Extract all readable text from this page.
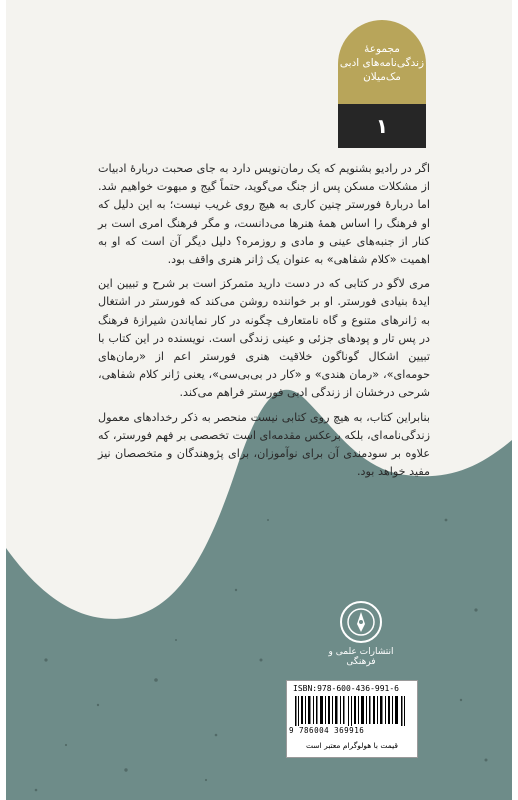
مجموعهٔ
زندگی‌نامه‌های ادبی
مک‌میلان
۱

اگر در رادیو بشنویم که یک رمان‌نویس دارد به جای صحبت دربارهٔ ادبیات از مشکلات مسکن پس از جنگ می‌گوید، حتماً گیج و مبهوت خواهیم شد. اما دربارهٔ فورستر چنین کاری به هیچ روی غریب نیست؛ به این دلیل که او فرهنگ را اساس همهٔ هنرها می‌دانست، و مگر فرهنگ امری است بر کنار از جنبه‌های عینی و مادی و روزمره؟ دلیل دیگر آن است که او به اهمیت «کلام شفاهی» به عنوان یک ژانر هنری واقف بود.

مری لاگو در کتابی که در دست دارید متمرکز است بر شرح و تبیین این ایدهٔ بنیادی فورستر. او بر خواننده روشن می‌کند که فورستر در اشتغال به ژانرهای متنوع و گاه نامتعارف چگونه در کار نمایاندن شیرازهٔ فرهنگ در پس تار و پودهای جزئی و عینی زندگی است. نویسنده در این کتاب با تبیین اشکال گوناگون خلاقیت هنری فورستر اعم از «رمان‌های حومه‌ای»، «رمان هندی» و «کار در بی‌بی‌سی»، یعنی ژانر کلام شفاهی، شرحی درخشان از زندگی ادبی فورستر فراهم می‌کند.

بنابراین کتاب، به هیچ روی کتابی نیست منحصر به ذکر رخدادهای معمول زندگی‌نامه‌ای، بلکه برعکس مقدمه‌ای است تخصصی بر فهم فورستر، که علاوه بر سودمندی آن برای نوآموزان، برای پژوهندگان و متخصصان نیز مفید خواهد بود.

انتشارات علمی و فرهنگی
ISBN:978-600-436-991-6
9 786004 369916
قیمت با هولوگرام معتبر است
